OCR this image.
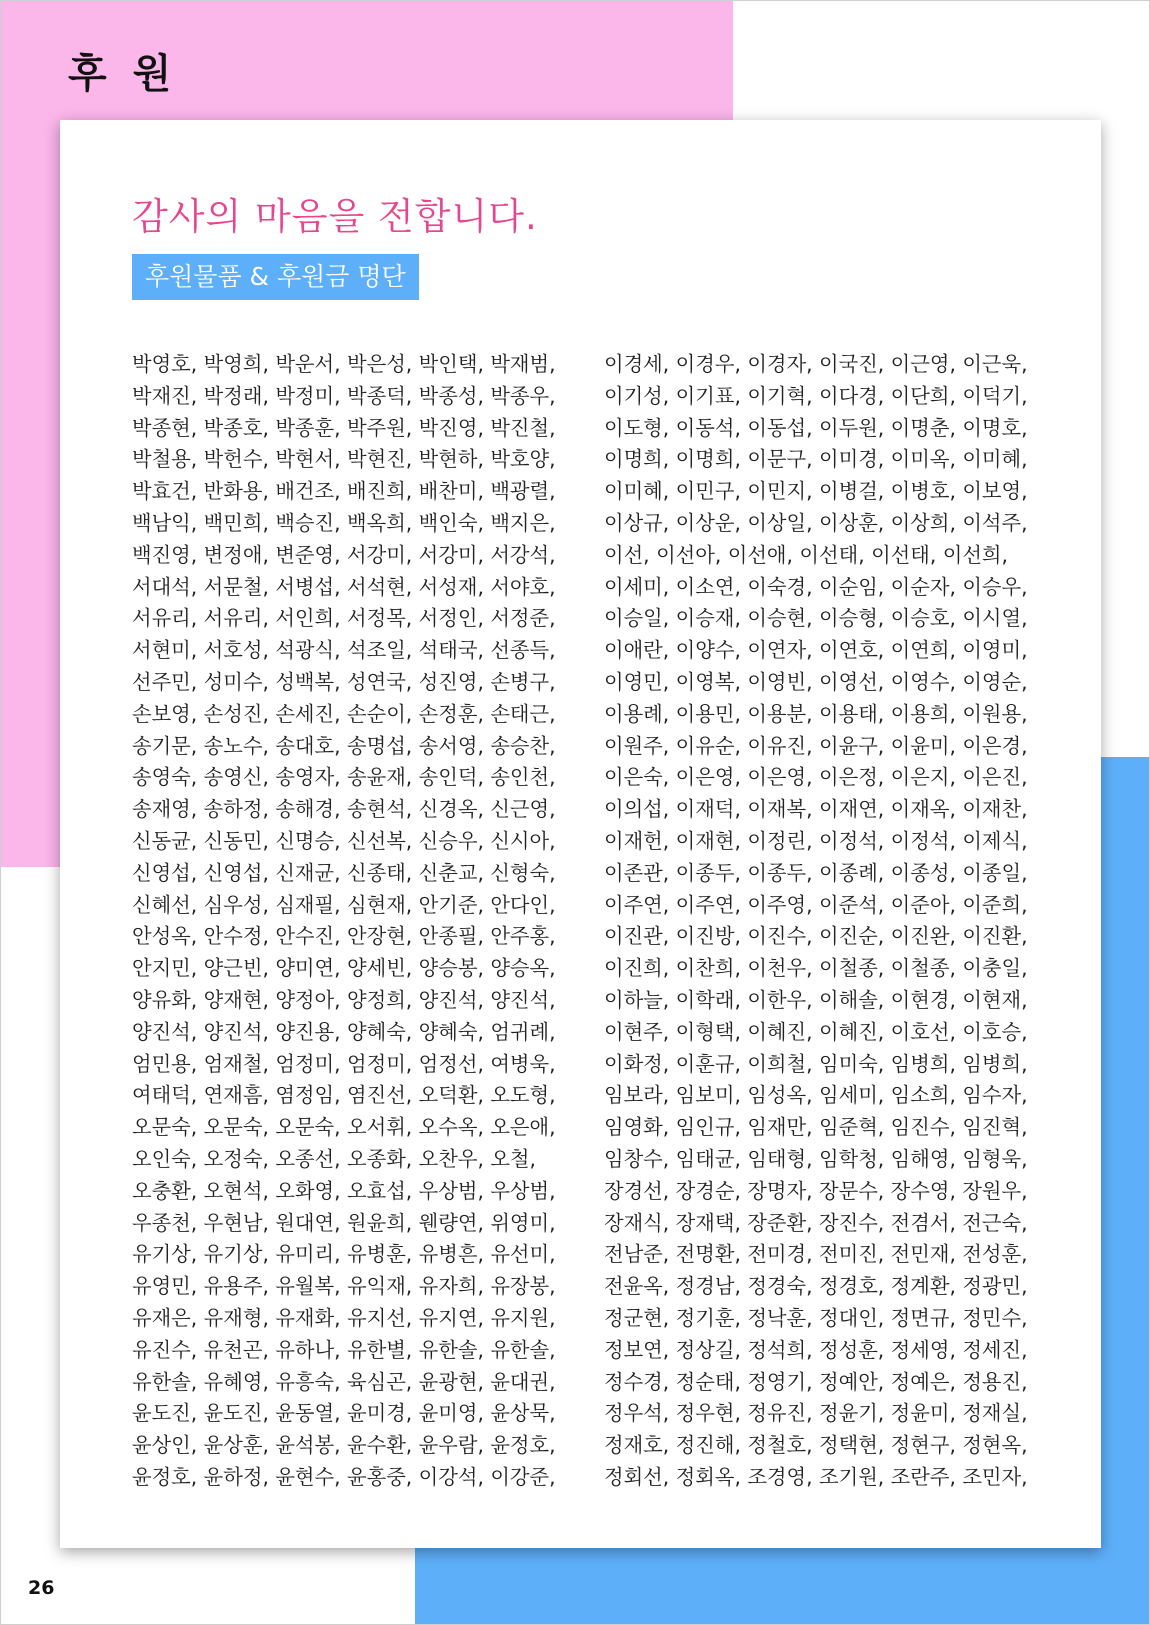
후 원
감사의 마음을 전합니다.
후원물품 & 후원금 명단
박영호, 박영희, 박운서, 박은성, 박인택, 박재범,
박재진, 박정래, 박정미, 박종덕, 박종성, 박종우,
박종현, 박종호, 박종훈, 박주원, 박진영, 박진철,
박철용, 박헌수, 박현서, 박현진, 박현하, 박호양,
박효건, 반화용, 배건조, 배진희, 배찬미, 백광렬,
백남익, 백민희, 백승진, 백옥희, 백인숙, 백지은,
백진영, 변정애, 변준영, 서강미, 서강미, 서강석,
서대석, 서문철, 서병섭, 서석현, 서성재, 서야호,
서유리, 서유리, 서인희, 서정목, 서정인, 서정준,
서현미, 서호성, 석광식, 석조일, 석태국, 선종득,
선주민, 성미수, 성백복, 성연국, 성진영, 손병구,
손보영, 손성진, 손세진, 손순이, 손정훈, 손태근,
송기문, 송노수, 송대호, 송명섭, 송서영, 송승찬,
송영숙, 송영신, 송영자, 송윤재, 송인덕, 송인천,
송재영, 송하정, 송해경, 송현석, 신경옥, 신근영,
신동균, 신동민, 신명승, 신선복, 신승우, 신시아,
신영섭, 신영섭, 신재균, 신종태, 신춘교, 신형숙,
신혜선, 심우성, 심재필, 심현재, 안기준, 안다인,
안성옥, 안수정, 안수진, 안장현, 안종필, 안주홍,
안지민, 양근빈, 양미연, 양세빈, 양승봉, 양승옥,
양유화, 양재현, 양정아, 양정희, 양진석, 양진석,
양진석, 양진석, 양진용, 양혜숙, 양혜숙, 엄귀례,
엄민용, 엄재철, 엄정미, 엄정미, 엄정선, 여병욱,
여태덕, 연재흠, 염정임, 염진선, 오덕환, 오도형,
오문숙, 오문숙, 오문숙, 오서휘, 오수옥, 오은애,
오인숙, 오정숙, 오종선, 오종화, 오찬우, 오철,
오충환, 오현석, 오화영, 오효섭, 우상범, 우상범,
우종천, 우현남, 원대연, 원윤희, 웬량연, 위영미,
유기상, 유기상, 유미리, 유병훈, 유병흔, 유선미,
유영민, 유용주, 유월복, 유익재, 유자희, 유장봉,
유재은, 유재형, 유재화, 유지선, 유지연, 유지원,
유진수, 유천곤, 유하나, 유한별, 유한솔, 유한솔,
유한솔, 유혜영, 유흥숙, 육심곤, 윤광현, 윤대권,
윤도진, 윤도진, 윤동열, 윤미경, 윤미영, 윤상묵,
윤상인, 윤상훈, 윤석봉, 윤수환, 윤우람, 윤정호,
윤정호, 윤하정, 윤현수, 윤홍중, 이강석, 이강준,
이경세, 이경우, 이경자, 이국진, 이근영, 이근욱,
이기성, 이기표, 이기혁, 이다경, 이단희, 이덕기,
이도형, 이동석, 이동섭, 이두원, 이명춘, 이명호,
이명희, 이명희, 이문구, 이미경, 이미옥, 이미혜,
이미혜, 이민구, 이민지, 이병걸, 이병호, 이보영,
이상규, 이상운, 이상일, 이상훈, 이상희, 이석주,
이선, 이선아, 이선애, 이선태, 이선태, 이선희,
이세미, 이소연, 이숙경, 이순임, 이순자, 이승우,
이승일, 이승재, 이승현, 이승형, 이승호, 이시열,
이애란, 이양수, 이연자, 이연호, 이연희, 이영미,
이영민, 이영복, 이영빈, 이영선, 이영수, 이영순,
이용례, 이용민, 이용분, 이용태, 이용희, 이원용,
이원주, 이유순, 이유진, 이윤구, 이윤미, 이은경,
이은숙, 이은영, 이은영, 이은정, 이은지, 이은진,
이의섭, 이재덕, 이재복, 이재연, 이재옥, 이재찬,
이재헌, 이재현, 이정린, 이정석, 이정석, 이제식,
이존관, 이종두, 이종두, 이종례, 이종성, 이종일,
이주연, 이주연, 이주영, 이준석, 이준아, 이준희,
이진관, 이진방, 이진수, 이진순, 이진완, 이진환,
이진희, 이찬희, 이천우, 이철종, 이철종, 이충일,
이하늘, 이학래, 이한우, 이해솔, 이현경, 이현재,
이현주, 이형택, 이혜진, 이혜진, 이호선, 이호승,
이화정, 이훈규, 이희철, 임미숙, 임병희, 임병희,
임보라, 임보미, 임성옥, 임세미, 임소희, 임수자,
임영화, 임인규, 임재만, 임준혁, 임진수, 임진혁,
임창수, 임태균, 임태형, 임학청, 임해영, 임형욱,
장경선, 장경순, 장명자, 장문수, 장수영, 장원우,
장재식, 장재택, 장준환, 장진수, 전겸서, 전근숙,
전남준, 전명환, 전미경, 전미진, 전민재, 전성훈,
전윤옥, 정경남, 정경숙, 정경호, 정계환, 정광민,
정군현, 정기훈, 정낙훈, 정대인, 정면규, 정민수,
정보연, 정상길, 정석희, 정성훈, 정세영, 정세진,
정수경, 정순태, 정영기, 정예안, 정예은, 정용진,
정우석, 정우현, 정유진, 정윤기, 정윤미, 정재실,
정재호, 정진해, 정철호, 정택현, 정현구, 정현옥,
정회선, 정회옥, 조경영, 조기원, 조란주, 조민자,
26
